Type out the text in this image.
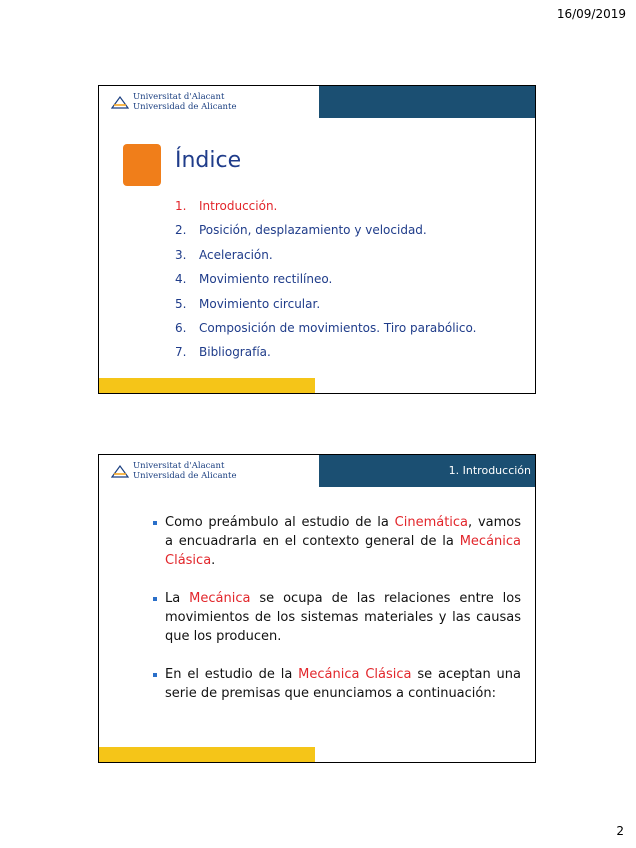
16/09/2019
Universitat d'Alacant
Universidad de Alicante
Índice
1. Introducción.
2. Posición, desplazamiento y velocidad.
3. Aceleración.
4. Movimiento rectilíneo.
5. Movimiento circular.
6. Composición de movimientos. Tiro parabólico.
7. Bibliografía.
Universitat d'Alacant
Universidad de Alicante	1. Introducción
Como preámbulo al estudio de la Cinemática, vamos a encuadrarla en el contexto general de la Mecánica Clásica.
La Mecánica se ocupa de las relaciones entre los movimientos de los sistemas materiales y las causas que los producen.
En el estudio de la Mecánica Clásica se aceptan una serie de premisas que enunciamos a continuación:
2
